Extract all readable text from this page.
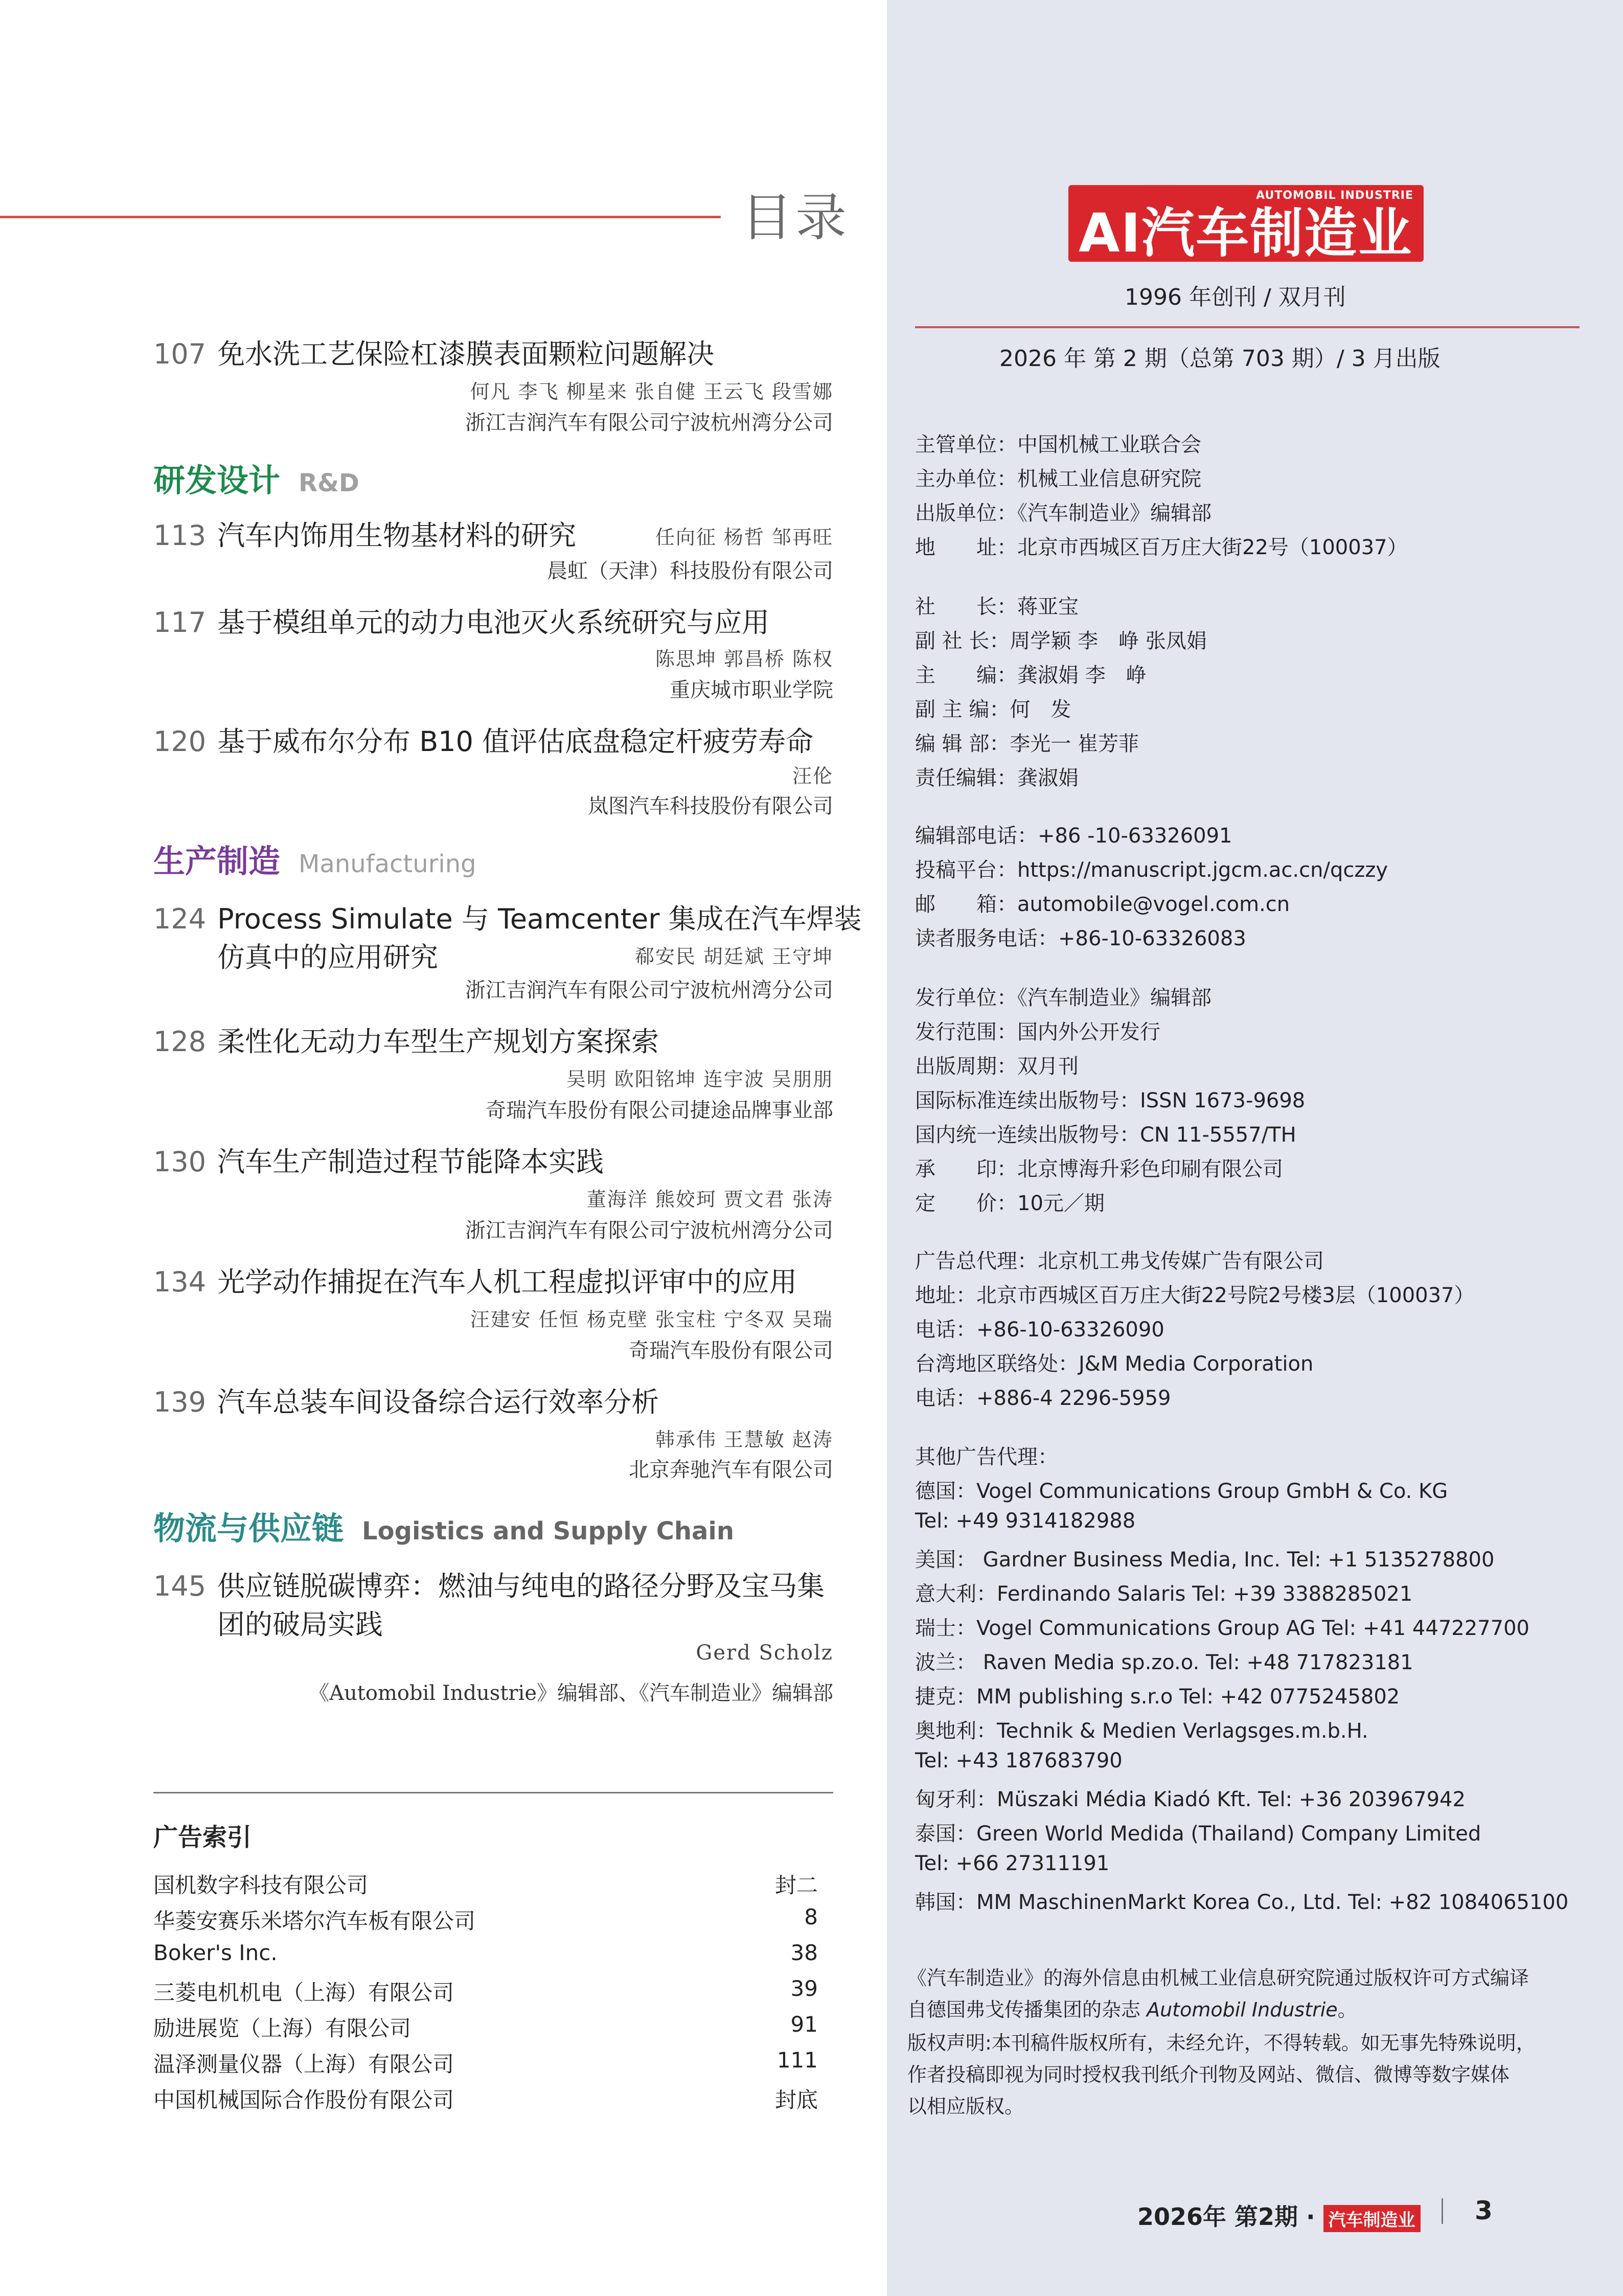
目录
107 免水洗工艺保险杠漆膜表面颗粒问题解决
何凡 李飞 柳星来 张自健 王云飞 段雪娜
浙江吉润汽车有限公司宁波杭州湾分公司
研发设计 R&D
113 汽车内饰用生物基材料的研究	任向征 杨哲 邹再旺
晨虹（天津）科技股份有限公司
117 基于模组单元的动力电池灭火系统研究与应用
陈思坤 郭昌桥 陈权
重庆城市职业学院
120 基于威布尔分布 B10 值评估底盘稳定杆疲劳寿命
汪伦
岚图汽车科技股份有限公司
生产制造 Manufacturing
124 Process Simulate 与 Teamcenter 集成在汽车焊装
仿真中的应用研究	郗安民 胡廷斌 王守坤
浙江吉润汽车有限公司宁波杭州湾分公司
128 柔性化无动力车型生产规划方案探索
吴明 欧阳铭坤 连宇波 吴朋朋
奇瑞汽车股份有限公司捷途品牌事业部
130 汽车生产制造过程节能降本实践
董海洋 熊姣珂 贾文君 张涛
浙江吉润汽车有限公司宁波杭州湾分公司
134 光学动作捕捉在汽车人机工程虚拟评审中的应用
汪建安 任恒 杨克壁 张宝柱 宁冬双 吴瑞
奇瑞汽车股份有限公司
139 汽车总装车间设备综合运行效率分析
韩承伟 王慧敏 赵涛
北京奔驰汽车有限公司
物流与供应链 Logistics and Supply Chain
145 供应链脱碳博弈：燃油与纯电的路径分野及宝马集
团的破局实践
Gerd Scholz
《Automobil Industrie》编辑部、《汽车制造业》编辑部
广告索引
国机数字科技有限公司	封二
华菱安赛乐米塔尔汽车板有限公司	8
Boker's Inc.	38
三菱电机机电（上海）有限公司	39
励进展览（上海）有限公司	91
温泽测量仪器（上海）有限公司	111
中国机械国际合作股份有限公司	封底
AUTOMOBIL INDUSTRIE
AI汽车制造业
1996 年创刊 / 双月刊
2026 年 第 2 期（总第 703 期）/ 3 月出版
主管单位：中国机械工业联合会
主办单位：机械工业信息研究院
出版单位：《汽车制造业》编辑部
地　　址：北京市西城区百万庄大街22号（100037）
社　　长：蒋亚宝
副 社 长：周学颖 李　峥 张凤娟
主　　编：龚淑娟 李　峥
副 主 编：何　发
编 辑 部：李光一 崔芳菲
责任编辑：龚淑娟
编辑部电话：+86 -10-63326091
投稿平台：https://manuscript.jgcm.ac.cn/qczzy
邮　　箱：automobile@vogel.com.cn
读者服务电话：+86-10-63326083
发行单位：《汽车制造业》编辑部
发行范围：国内外公开发行
出版周期：双月刊
国际标准连续出版物号：ISSN 1673-9698
国内统一连续出版物号：CN 11-5557/TH
承　　印：北京博海升彩色印刷有限公司
定　　价：10元／期
广告总代理：北京机工弗戈传媒广告有限公司
地址：北京市西城区百万庄大街22号院2号楼3层（100037）
电话：+86-10-63326090
台湾地区联络处：J&M Media Corporation
电话：+886-4 2296-5959
其他广告代理：
德国：Vogel Communications Group GmbH & Co. KG
Tel: +49 9314182988
美国： Gardner Business Media, Inc. Tel: +1 5135278800
意大利：Ferdinando Salaris Tel: +39 3388285021
瑞士：Vogel Communications Group AG Tel: +41 447227700
波兰： Raven Media sp.zo.o. Tel: +48 717823181
捷克：MM publishing s.r.o Tel: +42 0775245802
奥地利：Technik & Medien Verlagsges.m.b.H.
Tel: +43 187683790
匈牙利：Müszaki Média Kiadó Kft. Tel: +36 203967942
泰国：Green World Medida (Thailand) Company Limited
Tel: +66 27311191
韩国：MM MaschinenMarkt Korea Co., Ltd. Tel: +82 1084065100
《汽车制造业》的海外信息由机械工业信息研究院通过版权许可方式编译
自德国弗戈传播集团的杂志 Automobil Industrie。
版权声明:本刊稿件版权所有，未经允许，不得转载。如无事先特殊说明，
作者投稿即视为同时授权我刊纸介刊物及网站、微信、微博等数字媒体
以相应版权。
2026年 第2期 · 汽车制造业 3
